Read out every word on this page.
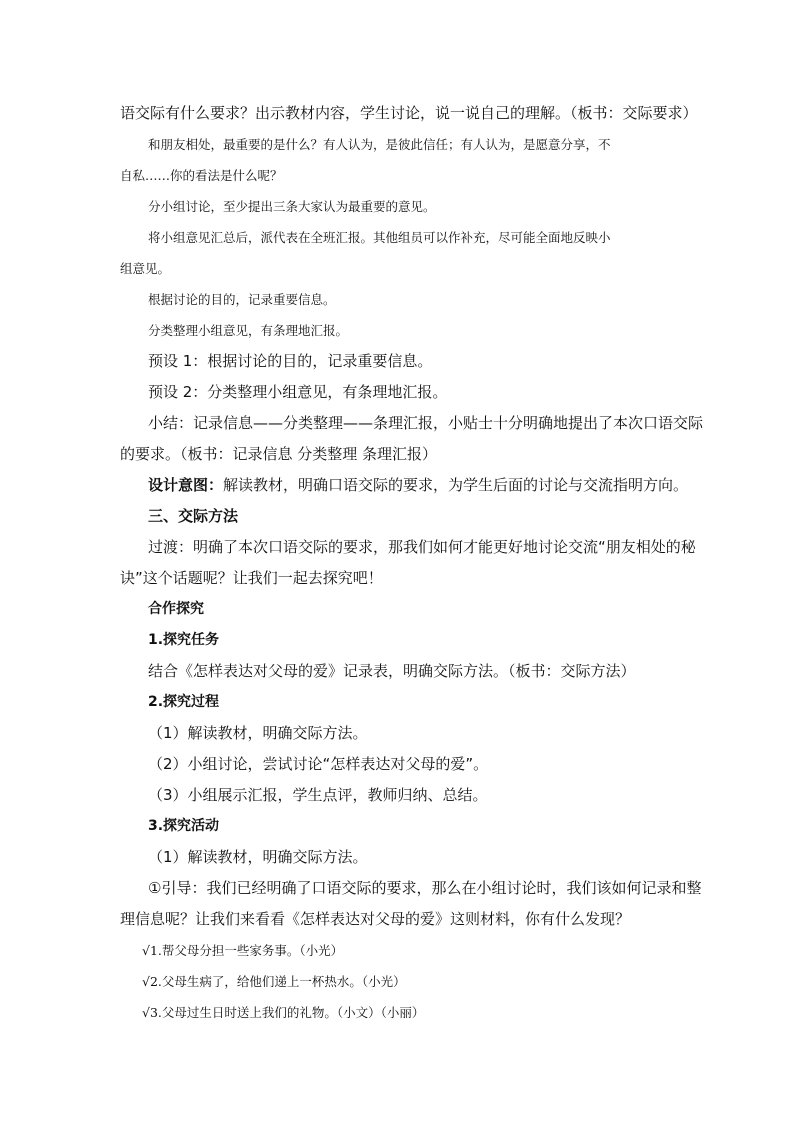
语交际有什么要求？出示教材内容，学生讨论，说一说自己的理解。（板书：交际要求）

和朋友相处，最重要的是什么？有人认为，是彼此信任；有人认为，是愿意分享，不

自私……你的看法是什么呢？

分小组讨论，至少提出三条大家认为最重要的意见。

将小组意见汇总后，派代表在全班汇报。其他组员可以作补充，尽可能全面地反映小

组意见。

根据讨论的目的，记录重要信息。

分类整理小组意见，有条理地汇报。

预设 1：根据讨论的目的，记录重要信息。

预设 2：分类整理小组意见，有条理地汇报。

小结：记录信息——分类整理——条理汇报，小贴士十分明确地提出了本次口语交际

的要求。（板书：记录信息 分类整理 条理汇报）

设计意图：解读教材，明确口语交际的要求，为学生后面的讨论与交流指明方向。

三、交际方法

过渡：明确了本次口语交际的要求，那我们如何才能更好地讨论交流“朋友相处的秘

诀”这个话题呢？让我们一起去探究吧！

合作探究

1.探究任务

结合《怎样表达对父母的爱》记录表，明确交际方法。（板书：交际方法）

2.探究过程

（1）解读教材，明确交际方法。

（2）小组讨论，尝试讨论“怎样表达对父母的爱”。

（3）小组展示汇报，学生点评，教师归纳、总结。

3.探究活动

（1）解读教材，明确交际方法。

①引导：我们已经明确了口语交际的要求，那么在小组讨论时，我们该如何记录和整

理信息呢？让我们来看看《怎样表达对父母的爱》这则材料，你有什么发现？

√1.帮父母分担一些家务事。（小光）

√2.父母生病了，给他们递上一杯热水。（小光）

√3.父母过生日时送上我们的礼物。（小文）（小丽）
